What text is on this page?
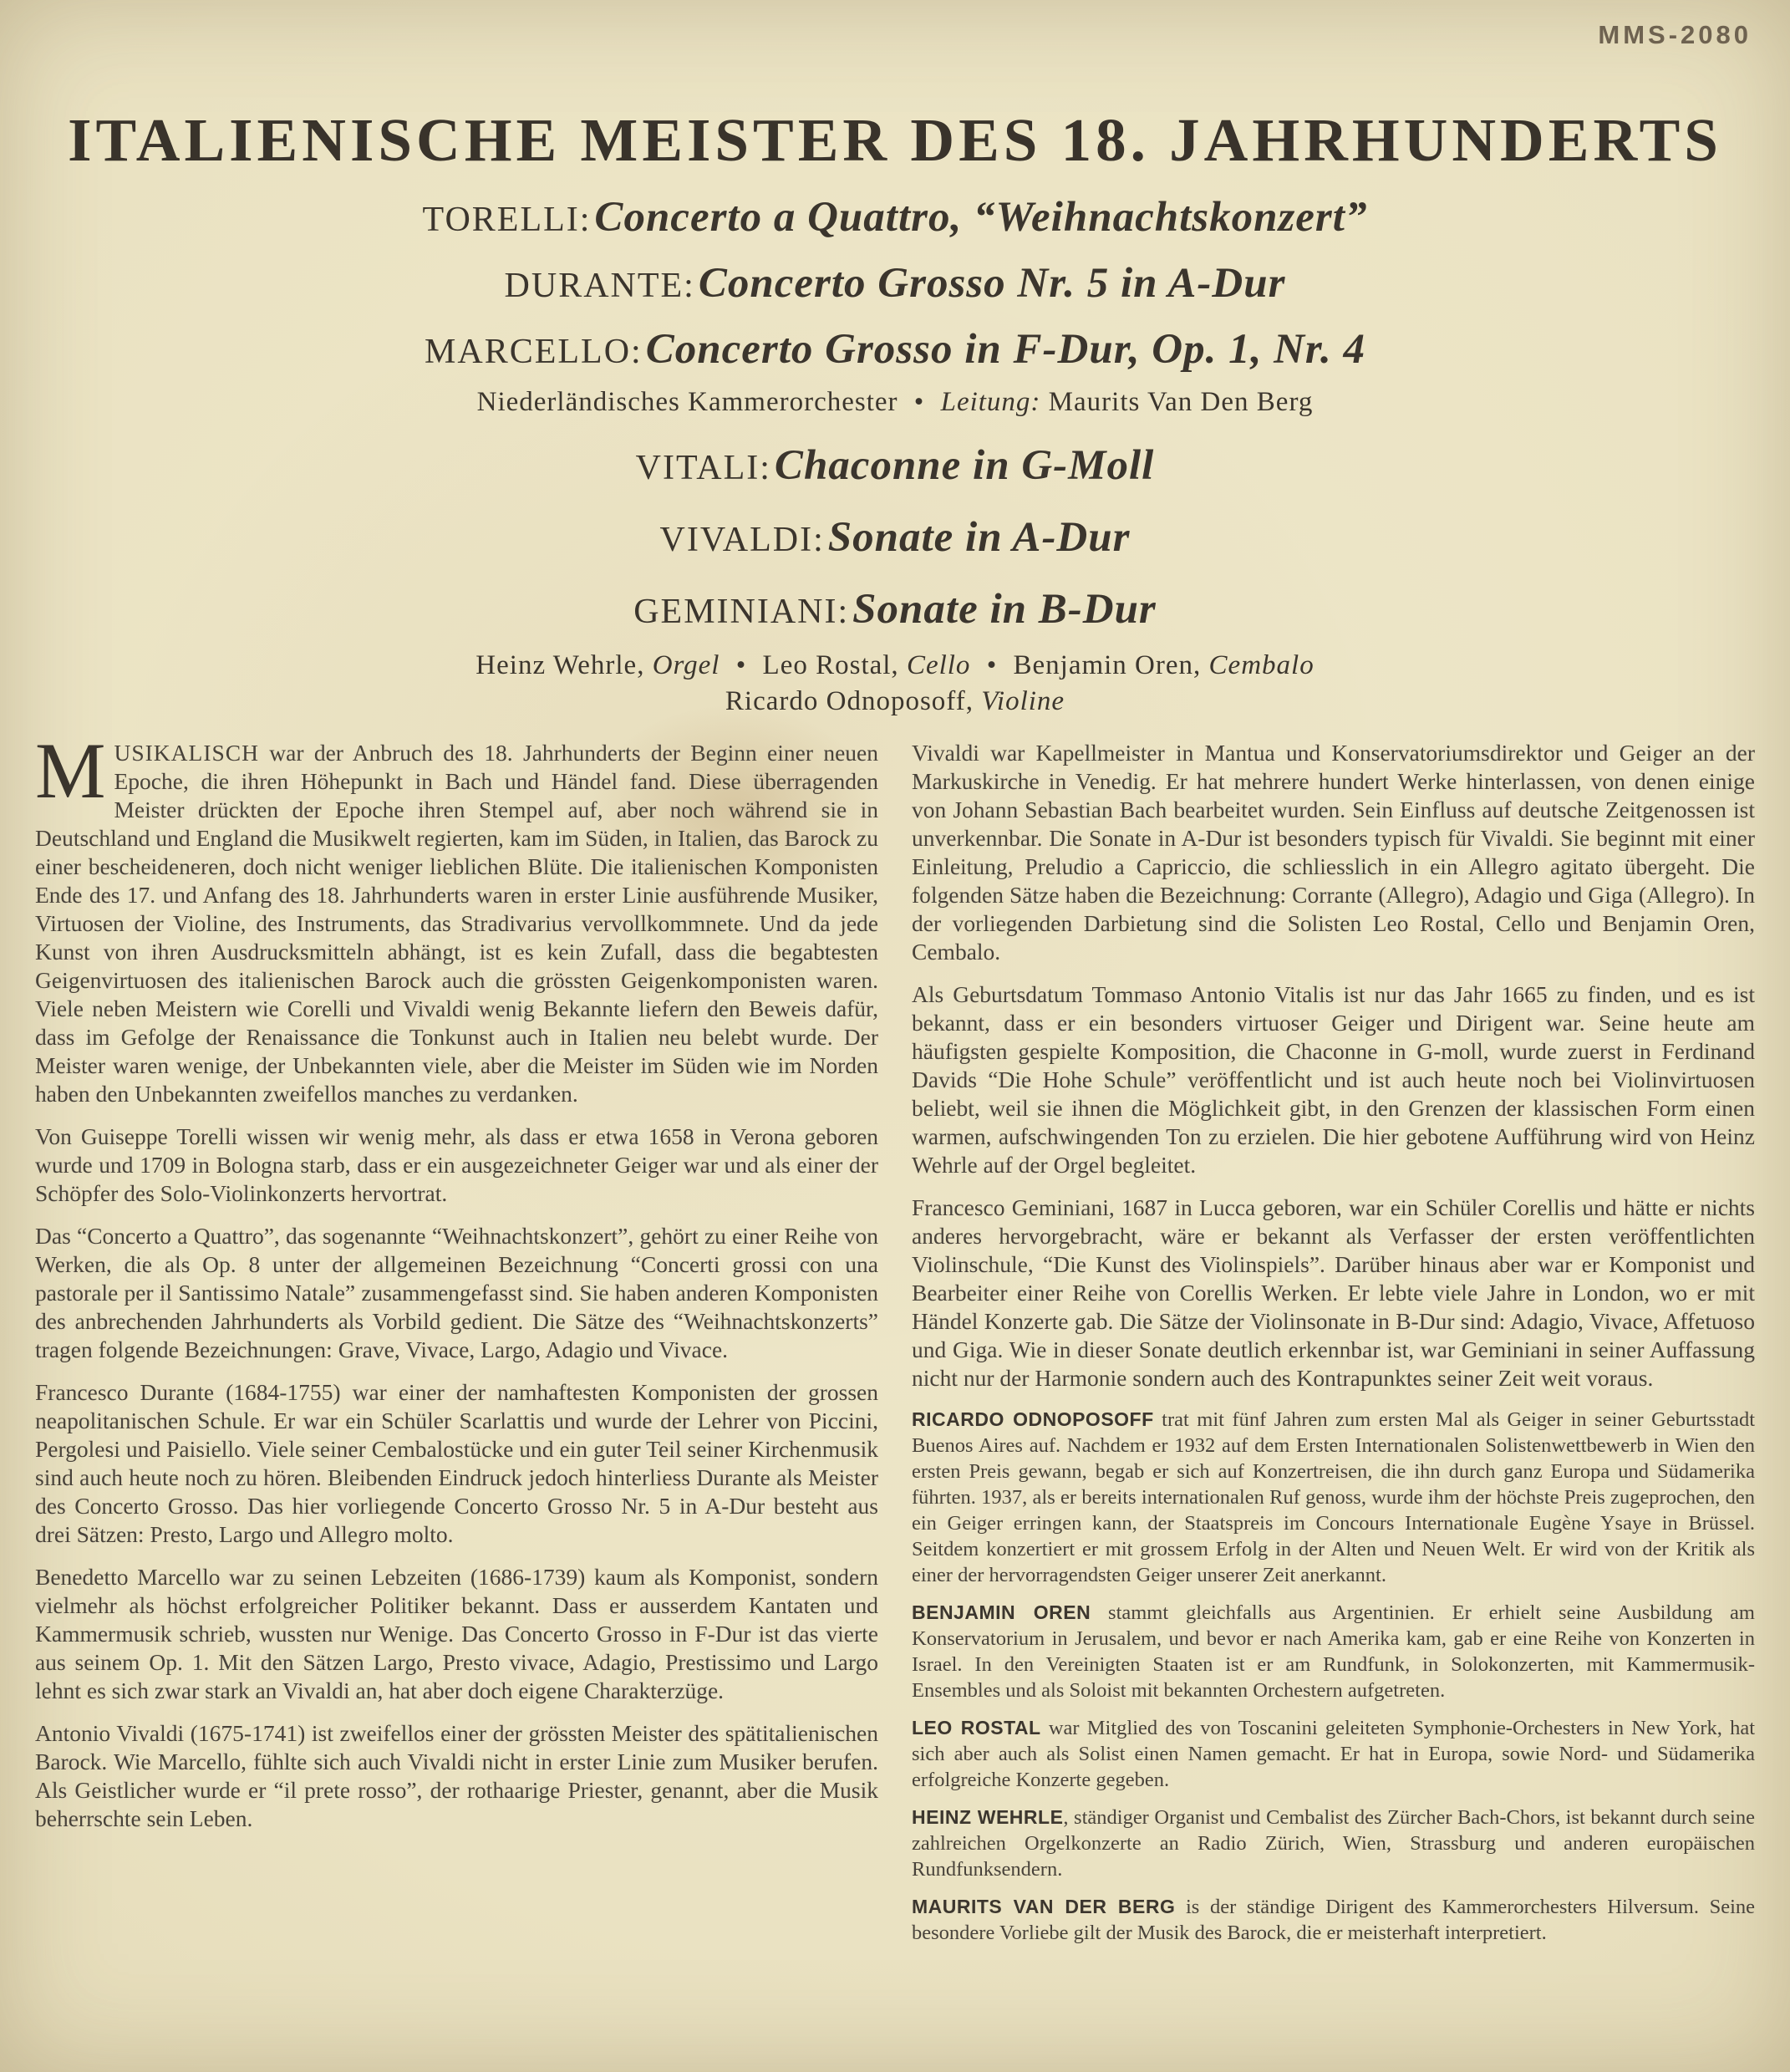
MMS-2080
ITALIENISCHE MEISTER DES 18. JAHRHUNDERTS
TORELLI: Concerto a Quattro, “Weihnachtskonzert”
DURANTE: Concerto Grosso Nr. 5 in A-Dur
MARCELLO: Concerto Grosso in F-Dur, Op. 1, Nr. 4
Niederländisches Kammerorchester • Leitung: Maurits Van Den Berg
VITALI: Chaconne in G-Moll
VIVALDI: Sonate in A-Dur
GEMINIANI: Sonate in B-Dur
Heinz Wehrle, Orgel • Leo Rostal, Cello • Benjamin Oren, Cembalo
Ricardo Odnoposoff, Violine

MUSIKALISCH war der Anbruch des 18. Jahrhunderts der Beginn einer neuen Epoche, die ihren Höhepunkt in Bach und Händel fand. Diese überragenden Meister drückten der Epoche ihren Stempel auf, aber noch während sie in Deutschland und England die Musikwelt regierten, kam im Süden, in Italien, das Barock zu einer bescheideneren, doch nicht weniger lieblichen Blüte. Die italienischen Komponisten Ende des 17. und Anfang des 18. Jahrhunderts waren in erster Linie ausführende Musiker, Virtuosen der Violine, des Instruments, das Stradivarius vervollkommnete. Und da jede Kunst von ihren Ausdrucksmitteln abhängt, ist es kein Zufall, dass die begabtesten Geigenvirtuosen des italienischen Barock auch die grössten Geigenkomponisten waren. Viele neben Meistern wie Corelli und Vivaldi wenig Bekannte liefern den Beweis dafür, dass im Gefolge der Renaissance die Tonkunst auch in Italien neu belebt wurde. Der Meister waren wenige, der Unbekannten viele, aber die Meister im Süden wie im Norden haben den Unbekannten zweifellos manches zu verdanken.

Von Guiseppe Torelli wissen wir wenig mehr, als dass er etwa 1658 in Verona geboren wurde und 1709 in Bologna starb, dass er ein ausgezeichneter Geiger war und als einer der Schöpfer des Solo-Violinkonzerts hervortrat.

Das “Concerto a Quattro”, das sogenannte “Weihnachtskonzert”, gehört zu einer Reihe von Werken, die als Op. 8 unter der allgemeinen Bezeichnung “Concerti grossi con una pastorale per il Santissimo Natale” zusammengefasst sind. Sie haben anderen Komponisten des anbrechenden Jahrhunderts als Vorbild gedient. Die Sätze des “Weihnachtskonzerts” tragen folgende Bezeichnungen: Grave, Vivace, Largo, Adagio und Vivace.

Francesco Durante (1684-1755) war einer der namhaftesten Komponisten der grossen neapolitanischen Schule. Er war ein Schüler Scarlattis und wurde der Lehrer von Piccini, Pergolesi und Paisiello. Viele seiner Cembalostücke und ein guter Teil seiner Kirchenmusik sind auch heute noch zu hören. Bleibenden Eindruck jedoch hinterliess Durante als Meister des Concerto Grosso. Das hier vorliegende Concerto Grosso Nr. 5 in A-Dur besteht aus drei Sätzen: Presto, Largo und Allegro molto.

Benedetto Marcello war zu seinen Lebzeiten (1686-1739) kaum als Komponist, sondern vielmehr als höchst erfolgreicher Politiker bekannt. Dass er ausserdem Kantaten und Kammermusik schrieb, wussten nur Wenige. Das Concerto Grosso in F-Dur ist das vierte aus seinem Op. 1. Mit den Sätzen Largo, Presto vivace, Adagio, Prestissimo und Largo lehnt es sich zwar stark an Vivaldi an, hat aber doch eigene Charakterzüge.

Antonio Vivaldi (1675-1741) ist zweifellos einer der grössten Meister des spätitalienischen Barock. Wie Marcello, fühlte sich auch Vivaldi nicht in erster Linie zum Musiker berufen. Als Geistlicher wurde er “il prete rosso”, der rothaarige Priester, genannt, aber die Musik beherrschte sein Leben.

Vivaldi war Kapellmeister in Mantua und Konservatoriumsdirektor und Geiger an der Markuskirche in Venedig. Er hat mehrere hundert Werke hinterlassen, von denen einige von Johann Sebastian Bach bearbeitet wurden. Sein Einfluss auf deutsche Zeitgenossen ist unverkennbar. Die Sonate in A-Dur ist besonders typisch für Vivaldi. Sie beginnt mit einer Einleitung, Preludio a Capriccio, die schliesslich in ein Allegro agitato übergeht. Die folgenden Sätze haben die Bezeichnung: Corrante (Allegro), Adagio und Giga (Allegro). In der vorliegenden Darbietung sind die Solisten Leo Rostal, Cello und Benjamin Oren, Cembalo.

Als Geburtsdatum Tommaso Antonio Vitalis ist nur das Jahr 1665 zu finden, und es ist bekannt, dass er ein besonders virtuoser Geiger und Dirigent war. Seine heute am häufigsten gespielte Komposition, die Chaconne in G-moll, wurde zuerst in Ferdinand Davids “Die Hohe Schule” veröffentlicht und ist auch heute noch bei Violinvirtuosen beliebt, weil sie ihnen die Möglichkeit gibt, in den Grenzen der klassischen Form einen warmen, aufschwingenden Ton zu erzielen. Die hier gebotene Aufführung wird von Heinz Wehrle auf der Orgel begleitet.

Francesco Geminiani, 1687 in Lucca geboren, war ein Schüler Corellis und hätte er nichts anderes hervorgebracht, wäre er bekannt als Verfasser der ersten veröffentlichten Violinschule, “Die Kunst des Violinspiels”. Darüber hinaus aber war er Komponist und Bearbeiter einer Reihe von Corellis Werken. Er lebte viele Jahre in London, wo er mit Händel Konzerte gab. Die Sätze der Violinsonate in B-Dur sind: Adagio, Vivace, Affetuoso und Giga. Wie in dieser Sonate deutlich erkennbar ist, war Geminiani in seiner Auffassung nicht nur der Harmonie sondern auch des Kontrapunktes seiner Zeit weit voraus.

RICARDO ODNOPOSOFF trat mit fünf Jahren zum ersten Mal als Geiger in seiner Geburtsstadt Buenos Aires auf. Nachdem er 1932 auf dem Ersten Internationalen Solistenwettbewerb in Wien den ersten Preis gewann, begab er sich auf Konzertreisen, die ihn durch ganz Europa und Südamerika führten. 1937, als er bereits internationalen Ruf genoss, wurde ihm der höchste Preis zugeprochen, den ein Geiger erringen kann, der Staatspreis im Concours Internationale Eugène Ysaye in Brüssel. Seitdem konzertiert er mit grossem Erfolg in der Alten und Neuen Welt. Er wird von der Kritik als einer der hervorragendsten Geiger unserer Zeit anerkannt.

BENJAMIN OREN stammt gleichfalls aus Argentinien. Er erhielt seine Ausbildung am Konservatorium in Jerusalem, und bevor er nach Amerika kam, gab er eine Reihe von Konzerten in Israel. In den Vereinigten Staaten ist er am Rundfunk, in Solokonzerten, mit Kammermusik-Ensembles und als Soloist mit bekannten Orchestern aufgetreten.

LEO ROSTAL war Mitglied des von Toscanini geleiteten Symphonie-Orchesters in New York, hat sich aber auch als Solist einen Namen gemacht. Er hat in Europa, sowie Nord- und Südamerika erfolgreiche Konzerte gegeben.

HEINZ WEHRLE, ständiger Organist und Cembalist des Zürcher Bach-Chors, ist bekannt durch seine zahlreichen Orgelkonzerte an Radio Zürich, Wien, Strassburg und anderen europäischen Rundfunksendern.

MAURITS VAN DER BERG is der ständige Dirigent des Kammerorchesters Hilversum. Seine besondere Vorliebe gilt der Musik des Barock, die er meisterhaft interpretiert.
